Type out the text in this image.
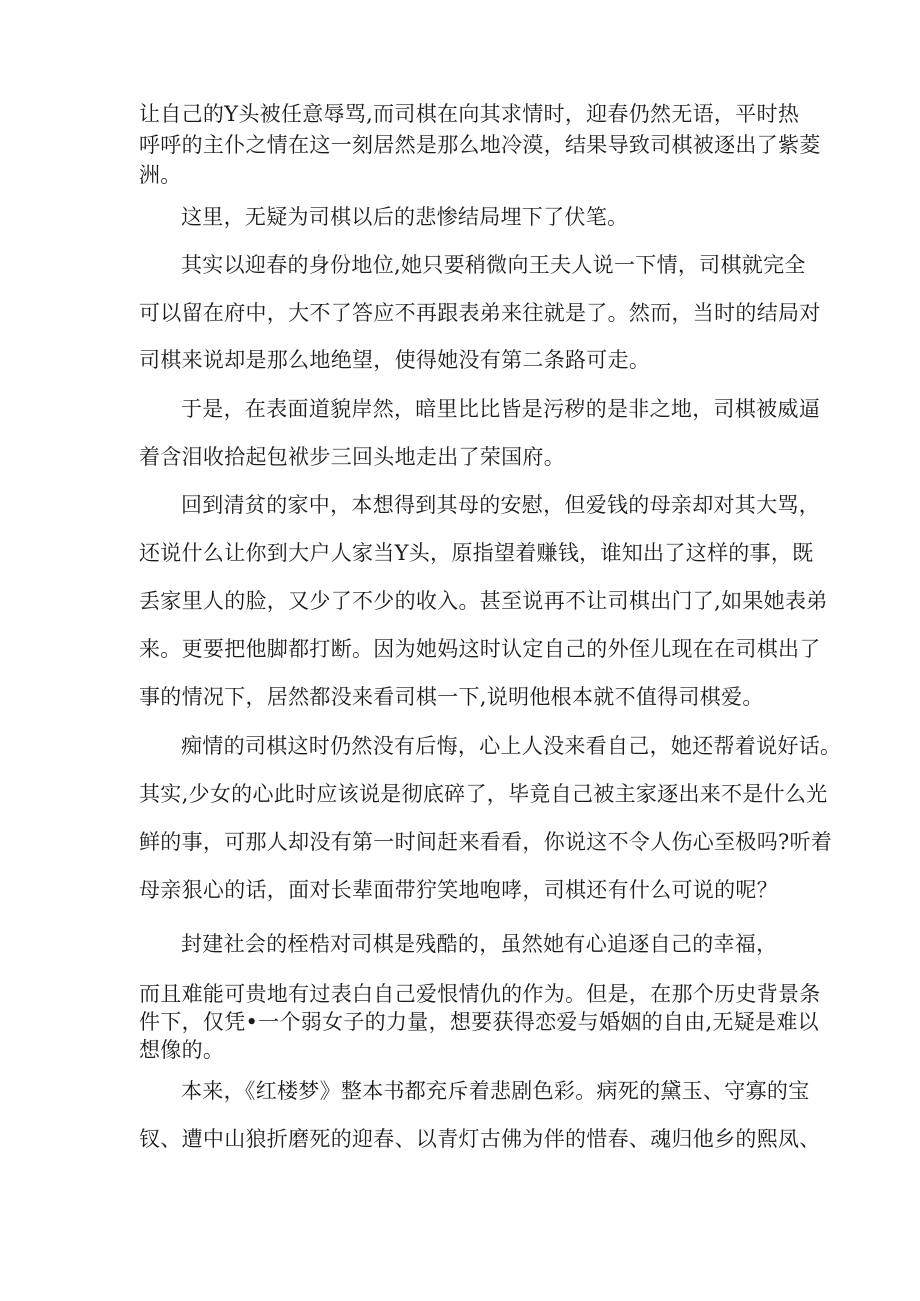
让自己的Y头被任意辱骂,而司棋在向其求情时，迎春仍然无语，平时热
呼呼的主仆之情在这一刻居然是那么地冷漠，结果导致司棋被逐出了紫菱
洲。
这里，无疑为司棋以后的悲惨结局埋下了伏笔。
其实以迎春的身份地位,她只要稍微向王夫人说一下情，司棋就完全
可以留在府中，大不了答应不再跟表弟来往就是了。然而，当时的结局对
司棋来说却是那么地绝望，使得她没有第二条路可走。
于是，在表面道貌岸然，暗里比比皆是污秽的是非之地，司棋被威逼
着含泪收拾起包袱步三回头地走出了荣国府。
回到清贫的家中，本想得到其母的安慰，但爱钱的母亲却对其大骂，
还说什么让你到大户人家当Y头，原指望着赚钱，谁知出了这样的事，既
丢家里人的脸，又少了不少的收入。甚至说再不让司棋出门了,如果她表弟
来。更要把他脚都打断。因为她妈这时认定自己的外侄儿现在在司棋出了
事的情况下，居然都没来看司棋一下,说明他根本就不值得司棋爱。
痴情的司棋这时仍然没有后悔，心上人没来看自己，她还帮着说好话。
其实,少女的心此时应该说是彻底碎了，毕竟自己被主家逐出来不是什么光
鲜的事，可那人却没有第一时间赶来看看，你说这不令人伤心至极吗?听着
母亲狠心的话，面对长辈面带狞笑地咆哮，司棋还有什么可说的呢？
封建社会的桎梏对司棋是残酷的，虽然她有心追逐自己的幸福，
而且难能可贵地有过表白自己爱恨情仇的作为。但是，在那个历史背景条
件下，仅凭•一个弱女子的力量，想要获得恋爱与婚姻的自由,无疑是难以
想像的。
本来，《红楼梦》整本书都充斥着悲剧色彩。病死的黛玉、守寡的宝
钗、遭中山狼折磨死的迎春、以青灯古佛为伴的惜春、魂归他乡的熙凤、
